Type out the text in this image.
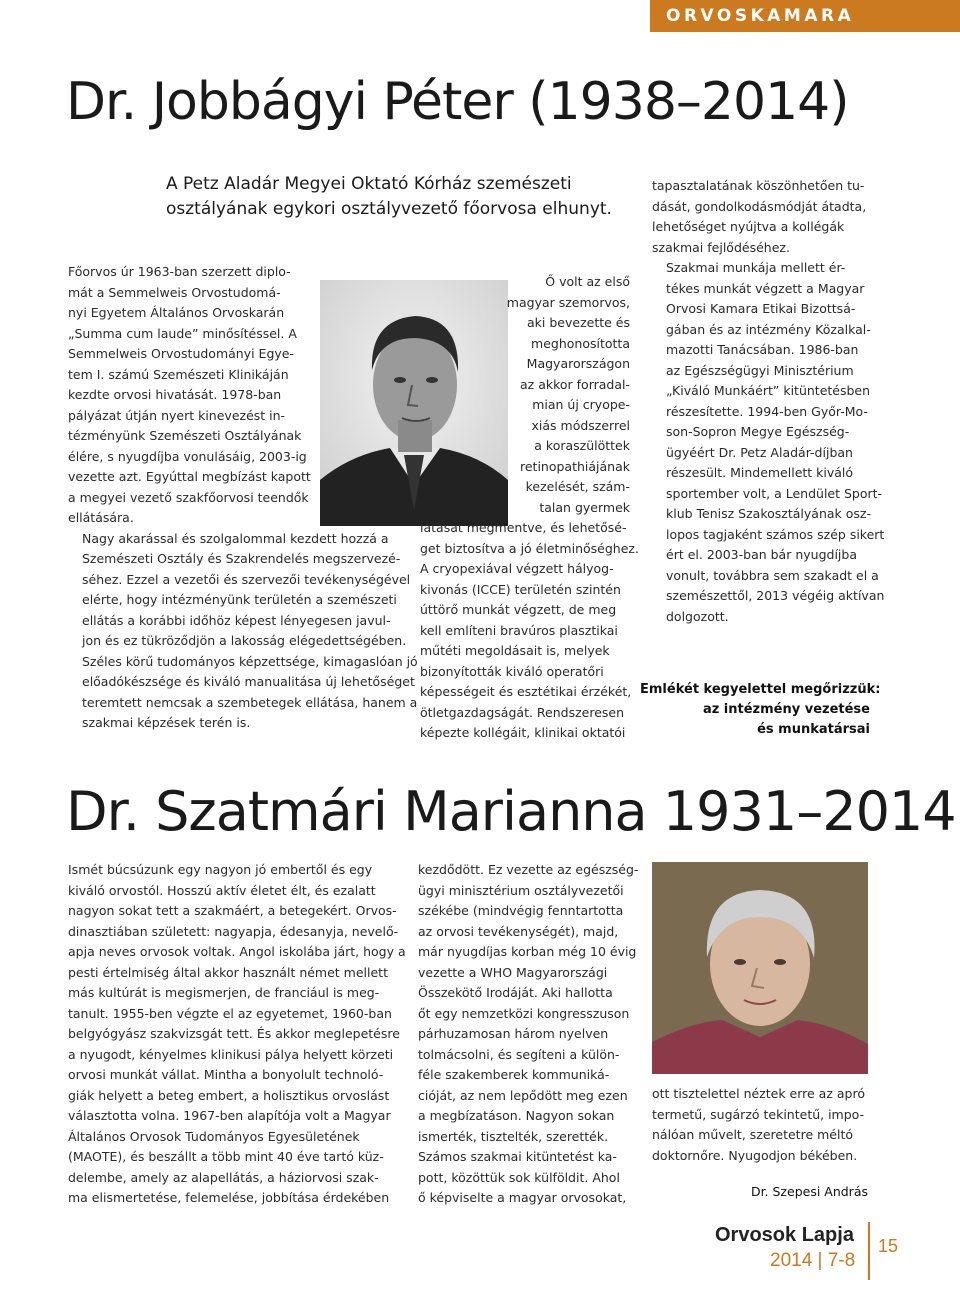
ORVOSKAMARA
Dr. Jobbágyi Péter (1938–2014)
A Petz Aladár Megyei Oktató Kórház szemészeti
osztályának egykori osztályvezető főorvosa elhunyt.

Főorvos úr 1963-ban szerzett diplo-
mát a Semmelweis Orvostudomá-
nyi Egyetem Általános Orvoskarán
„Summa cum laude” minősítéssel. A
Semmelweis Orvostudományi Egye-
tem I. számú Szemészeti Klinikáján
kezdte orvosi hivatását. 1978-ban
pályázat útján nyert kinevezést in-
tézményünk Szemészeti Osztályának
élére, s nyugdíjba vonulásáig, 2003-ig
vezette azt. Egyúttal megbízást kapott
a megyei vezető szakfőorvosi teendők
ellátására.

Nagy akarással és szolgalommal kezdett hozzá a
Szemészeti Osztály és Szakrendelés megszervezé-
séhez. Ezzel a vezetői és szervezői tevékenységével
elérte, hogy intézményünk területén a szemészeti
ellátás a korábbi időhöz képest lényegesen javul-
jon és ez tükröződjön a lakosság elégedettségében.
Széles körű tudományos képzettsége, kimagaslóan jó
előadókészsége és kiváló manualitása új lehetőséget
teremtett nemcsak a szembetegek ellátása, hanem a
szakmai képzések terén is.

Ő volt az első
magyar szemorvos,
aki bevezette és
meghonosította
Magyarországon
az akkor forradal-
mian új cryope-
xiás módszerrel
a koraszülöttek
retinopathiájának
kezelését, szám-
talan gyermek
látását megmentve, és lehetősé-
get biztosítva a jó életminőséghez.
A cryopexiával végzett hályog-
kivonás (ICCE) területén szintén
úttörő munkát végzett, de meg
kell említeni bravúros plasztikai
műtéti megoldásait is, melyek
bizonyították kiváló operatőri
képességeit és esztétikai érzékét,
ötletgazdagságát. Rendszeresen
képezte kollégáit, klinikai oktatói

tapasztalatának köszönhetően tu-
dását, gondolkodásmódját átadta,
lehetőséget nyújtva a kollégák
szakmai fejlődéséhez.

Szakmai munkája mellett ér-
tékes munkát végzett a Magyar
Orvosi Kamara Etikai Bizottsá-
gában és az intézmény Közalkal-
mazotti Tanácsában. 1986-ban
az Egészségügyi Minisztérium
„Kiváló Munkáért” kitüntetésben
részesítette. 1994-ben Győr-Mo-
son-Sopron Megye Egészség-
ügyéért Dr. Petz Aladár-díjban
részesült. Mindemellett kiváló
sportember volt, a Lendület Sport-
klub Tenisz Szakosztályának osz-
lopos tagjaként számos szép sikert
ért el. 2003-ban bár nyugdíjba
vonult, továbbra sem szakadt el a
szemészettől, 2013 végéig aktívan
dolgozott.

Emlékét kegyelettel megőrizzük:
az intézmény vezetése
és munkatársai
Dr. Szatmári Marianna 1931–2014
Ismét búcsúzunk egy nagyon jó embertől és egy
kiváló orvostól. Hosszú aktív életet élt, és ezalatt
nagyon sokat tett a szakmáért, a betegekért. Orvos-
dinasztiában született: nagyapja, édesanyja, nevelő-
apja neves orvosok voltak. Angol iskolába járt, hogy a
pesti értelmiség által akkor használt német mellett
más kultúrát is megismerjen, de franciául is meg-
tanult. 1955-ben végzte el az egyetemet, 1960-ban
belgyógyász szakvizsgát tett. És akkor meglepetésre
a nyugodt, kényelmes klinikusi pálya helyett körzeti
orvosi munkát vállat. Mintha a bonyolult technoló-
giák helyett a beteg embert, a holisztikus orvoslást
választotta volna. 1967-ben alapítója volt a Magyar
Általános Orvosok Tudományos Egyesületének
(MAOTE), és beszállt a több mint 40 éve tartó küz-
delembe, amely az alapellátás, a háziorvosi szak-
ma elismertetése, felemelése, jobbítása érdekében
kezdődött. Ez vezette az egészség-
ügyi minisztérium osztályvezetői
székébe (mindvégig fenntartotta
az orvosi tevékenységét), majd,
már nyugdíjas korban még 10 évig
vezette a WHO Magyarországi
Összekötő Irodáját. Aki hallotta
őt egy nemzetközi kongresszuson
párhuzamosan három nyelven
tolmácsolni, és segíteni a külön-
féle szakemberek kommuniká-
cióját, az nem lepődött meg ezen
a megbízatáson. Nagyon sokan
ismerték, tisztelték, szerették.
Számos szakmai kitüntetést ka-
pott, közöttük sok külföldit. Ahol
ő képviselte a magyar orvosokat,
ott tisztelettel néztek erre az apró
termetű, sugárzó tekintetű, impo-
nálóan művelt, szeretetre méltó
doktornőre. Nyugodjon békében.
Dr. Szepesi András
Orvosok Lapja
2014 | 7-8
15
